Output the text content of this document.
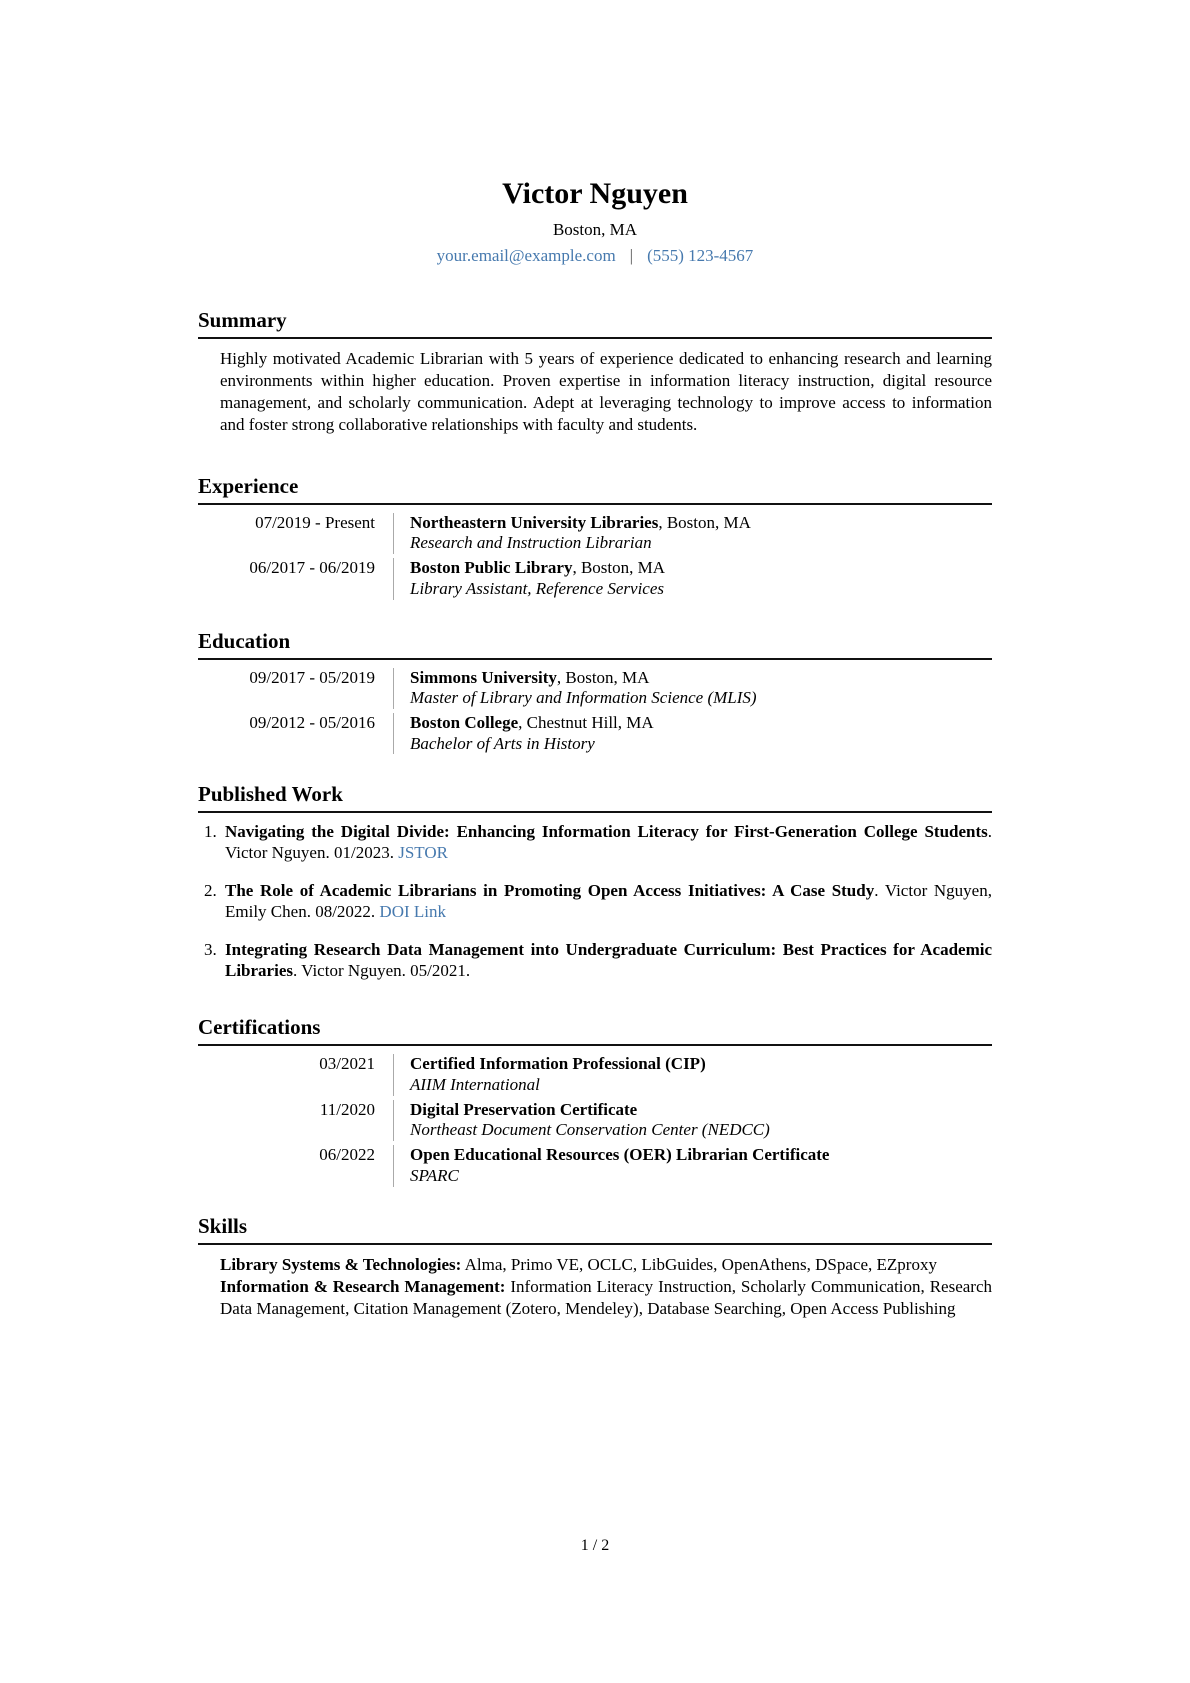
Victor Nguyen
Boston, MA
your.email@example.com | (555) 123-4567
Summary

Highly motivated Academic Librarian with 5 years of experience dedicated to enhancing research and learning environments within higher education. Proven expertise in information literacy instruction, digital resource management, and scholarly communication. Adept at leveraging technology to improve access to information and foster strong collaborative relationships with faculty and students.

Experience
07/2019 - Present Northeastern University Libraries, Boston, MA
Research and Instruction Librarian
06/2017 - 06/2019 Boston Public Library, Boston, MA
Library Assistant, Reference Services
Education
09/2017 - 05/2019 Simmons University, Boston, MA
Master of Library and Information Science (MLIS)
09/2012 - 05/2016 Boston College, Chestnut Hill, MA
Bachelor of Arts in History
Published Work
1. Navigating the Digital Divide: Enhancing Information Literacy for First-Generation College Students. Victor Nguyen. 01/2023. JSTOR
2. The Role of Academic Librarians in Promoting Open Access Initiatives: A Case Study. Victor Nguyen, Emily Chen. 08/2022. DOI Link
3. Integrating Research Data Management into Undergraduate Curriculum: Best Practices for Academic Libraries. Victor Nguyen. 05/2021.
Certifications
03/2021 Certified Information Professional (CIP)
AIIM International
11/2020 Digital Preservation Certificate
Northeast Document Conservation Center (NEDCC)
06/2022 Open Educational Resources (OER) Librarian Certificate
SPARC
Skills

Library Systems & Technologies: Alma, Primo VE, OCLC, LibGuides, OpenAthens, DSpace, EZproxy

Information & Research Management: Information Literacy Instruction, Scholarly Communication, Research Data Management, Citation Management (Zotero, Mendeley), Database Searching, Open Access Publishing

1 / 2
